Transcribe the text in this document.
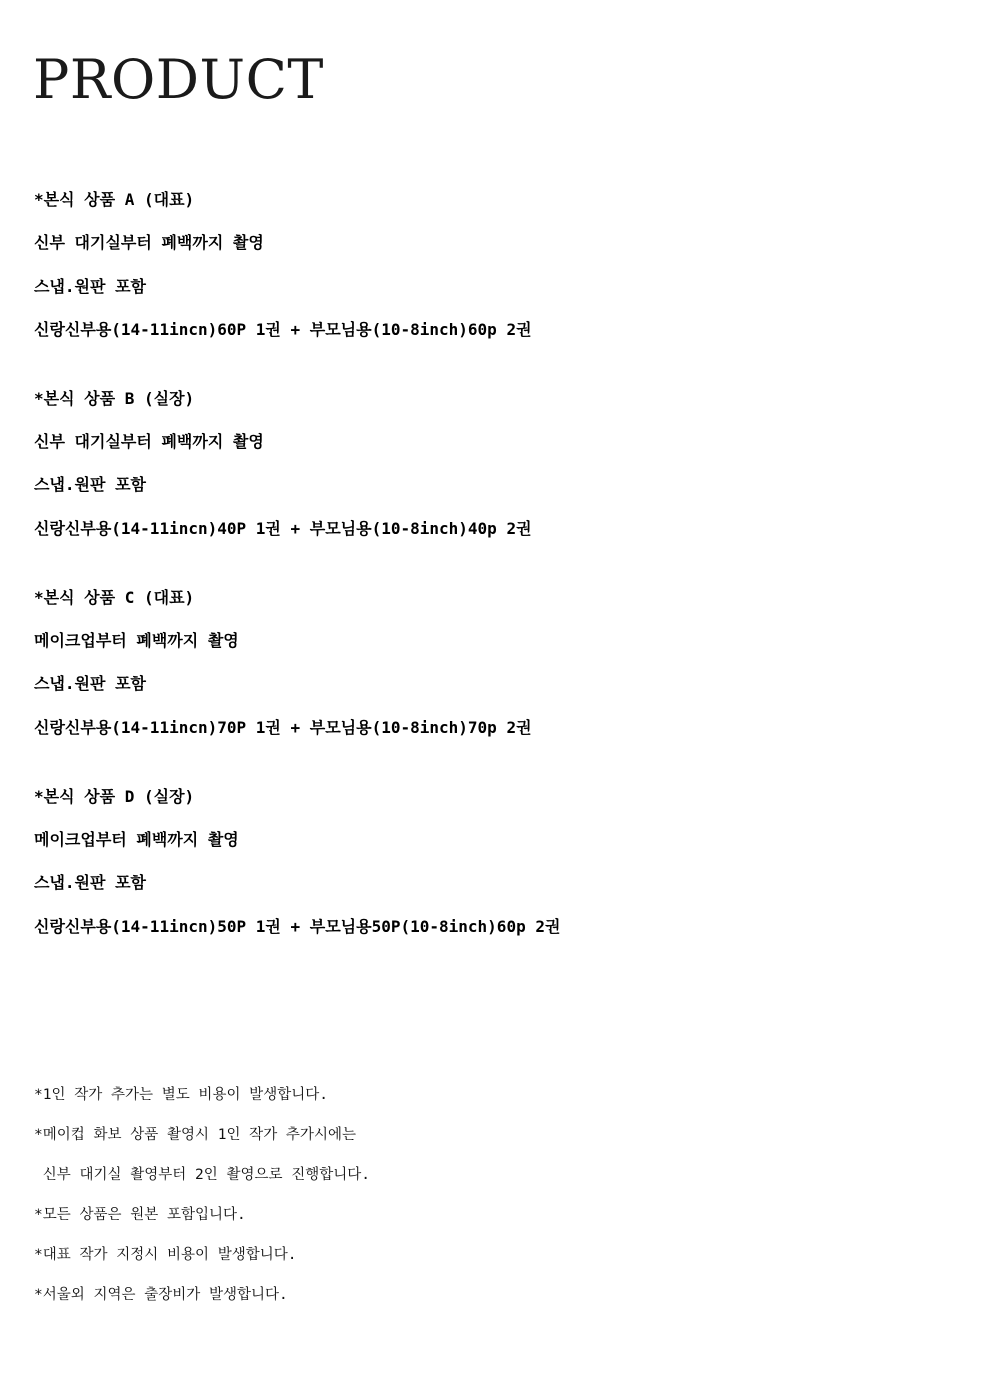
PRODUCT
*본식 상품 A (대표)
신부 대기실부터 폐백까지 촬영
스냅.원판 포함
신랑신부용(14-11incn)60P 1권 + 부모님용(10-8inch)60p 2권
*본식 상품 B (실장)
신부 대기실부터 폐백까지 촬영
스냅.원판 포함
신랑신부용(14-11incn)40P 1권 + 부모님용(10-8inch)40p 2권
*본식 상품 C (대표)
메이크업부터 폐백까지 촬영
스냅.원판 포함
신랑신부용(14-11incn)70P 1권 + 부모님용(10-8inch)70p 2권
*본식 상품 D (실장)
메이크업부터 폐백까지 촬영
스냅.원판 포함
신랑신부용(14-11incn)50P 1권 + 부모님용50P(10-8inch)60p 2권
*1인 작가 추가는 별도 비용이 발생합니다.
*메이컵 화보 상품 촬영시 1인 작가 추가시에는
신부 대기실 촬영부터 2인 촬영으로 진행합니다.
*모든 상품은 원본 포함입니다.
*대표 작가 지정시 비용이 발생합니다.
*서울외 지역은 출장비가 발생합니다.
